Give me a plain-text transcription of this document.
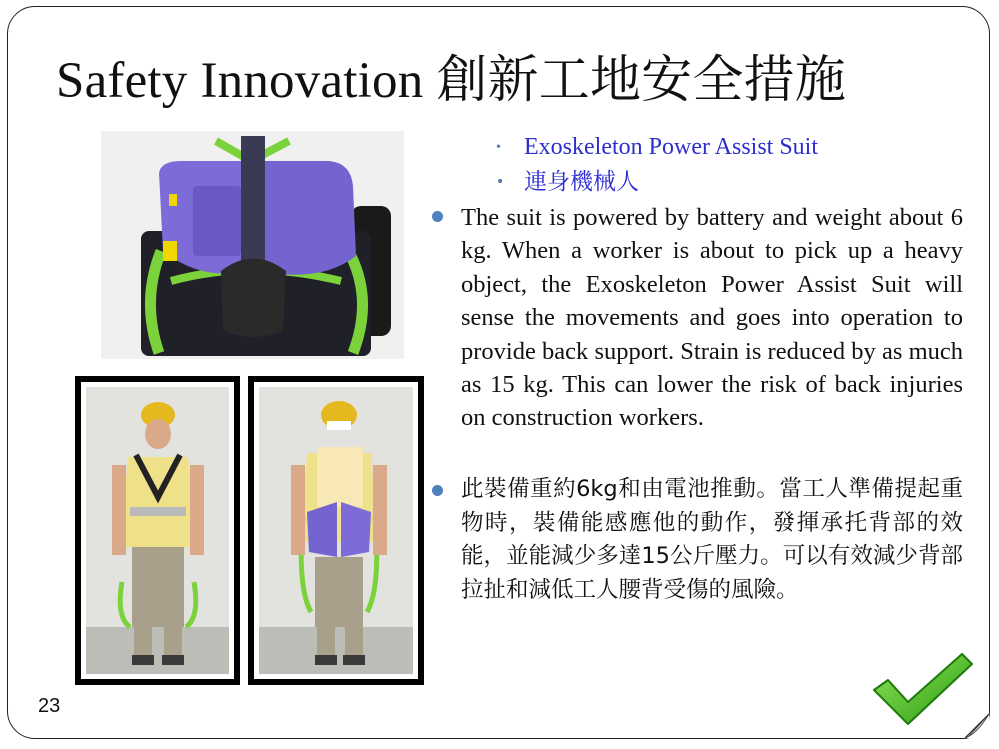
Safety Innovation 創新工地安全措施
• Exoskeleton Power Assist Suit
• 連身機械人
The suit is powered by battery and weight about 6 kg. When a worker is about to pick up a heavy object, the Exoskeleton Power Assist Suit will sense the movements and goes into operation to provide back support. Strain is reduced by as much as 15 kg. This can lower the risk of back injuries on construction workers.
此裝備重約6kg和由電池推動。當工人準備提起重物時，裝備能感應他的動作，發揮承托背部的效能，並能減少多達15公斤壓力。可以有效減少背部拉扯和減低工人腰背受傷的風險。
23
